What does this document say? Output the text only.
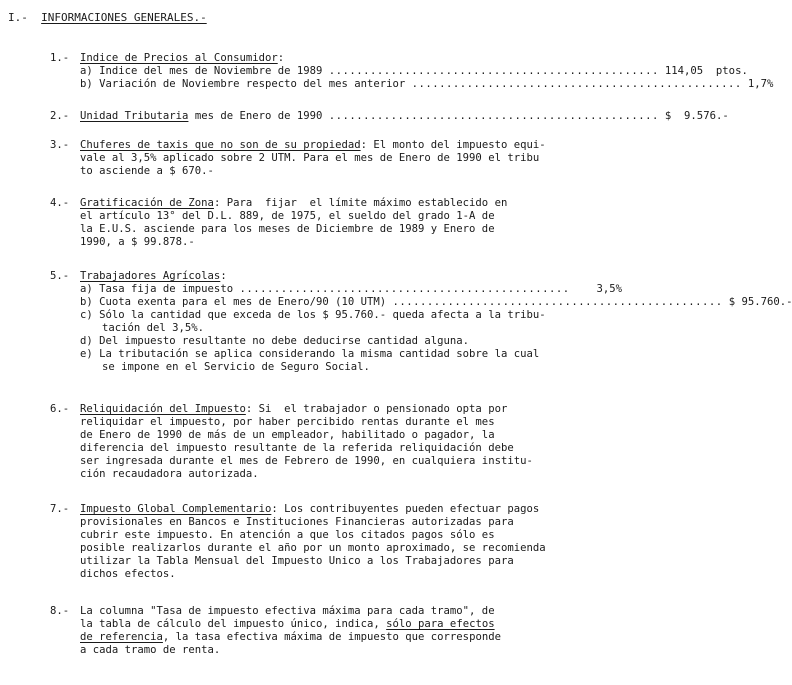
I.- INFORMACIONES GENERALES.-
1.- Indice de Precios al Consumidor:
a) Indice del mes de Noviembre de 1989 ................................................ 114,05  ptos.
b) Variación de Noviembre respecto del mes anterior ................................................ 1,7%
2.- Unidad Tributaria mes de Enero de 1990 ................................................ $  9.576.-
3.- Chuferes de taxis que no son de su propiedad: El monto del impuesto equi-
vale al 3,5% aplicado sobre 2 UTM. Para el mes de Enero de 1990 el tribu
to asciende a $ 670.-
4.- Gratificación de Zona: Para  fijar  el límite máximo establecido en
el artículo 13° del D.L. 889, de 1975, el sueldo del grado 1-A de
la E.U.S. asciende para los meses de Diciembre de 1989 y Enero de
1990, a $ 99.878.-
5.- Trabajadores Agrícolas:
a) Tasa fija de impuesto ................................................	3,5%
b) Cuota exenta para el mes de Enero/90 (10 UTM) ................................................ $ 95.760.-
c) Sólo la cantidad que exceda de los $ 95.760.- queda afecta a la tribu-
tación del 3,5%.
d) Del impuesto resultante no debe deducirse cantidad alguna.
e) La tributación se aplica considerando la misma cantidad sobre la cual
se impone en el Servicio de Seguro Social.
6.- Reliquidación del Impuesto: Si  el trabajador o pensionado opta por
reliquidar el impuesto, por haber percibido rentas durante el mes
de Enero de 1990 de más de un empleador, habilitado o pagador, la
diferencia del impuesto resultante de la referida reliquidación debe
ser ingresada durante el mes de Febrero de 1990, en cualquiera institu-
ción recaudadora autorizada.
7.- Impuesto Global Complementario: Los contribuyentes pueden efectuar pagos
provisionales en Bancos e Instituciones Financieras autorizadas para
cubrir este impuesto. En atención a que los citados pagos sólo es
posible realizarlos durante el año por un monto aproximado, se recomienda
utilizar la Tabla Mensual del Impuesto Unico a los Trabajadores para
dichos efectos.
8.- La columna "Tasa de impuesto efectiva máxima para cada tramo", de
la tabla de cálculo del impuesto único, indica, sólo para efectos
de referencia, la tasa efectiva máxima de impuesto que corresponde
a cada tramo de renta.
